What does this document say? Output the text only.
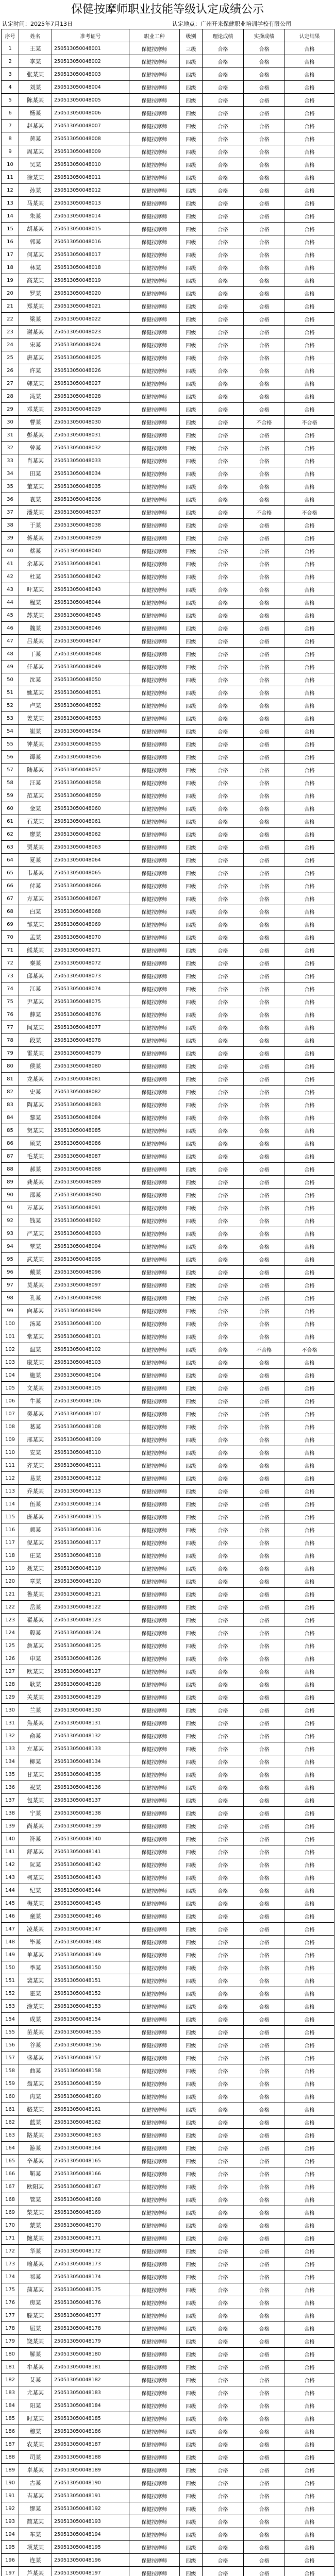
保健按摩师职业技能等级认定成绩公示
认定时间：2025年7月13日	认定地点：广州开来保健职业培训学校有限公司
序号	姓名	准考证号	职业工种	级别	理论成绩	实操成绩	认定结果
1	王某	250513050048001	保健按摩师	三级	合格	合格	合格
2	李某	250513050048002	保健按摩师	四级	合格	合格	合格
3	张某某	250513050048003	保健按摩师	四级	合格	合格	合格
4	刘某	250513050048004	保健按摩师	四级	合格	合格	合格
5	陈某某	250513050048005	保健按摩师	四级	合格	合格	合格
6	杨某	250513050048006	保健按摩师	四级	合格	合格	合格
7	赵某某	250513050048007	保健按摩师	四级	合格	合格	合格
8	黄某	250513050048008	保健按摩师	四级	合格	合格	合格
9	周某某	250513050048009	保健按摩师	四级	合格	合格	合格
10	吴某	250513050048010	保健按摩师	四级	合格	合格	合格
11	徐某某	250513050048011	保健按摩师	四级	合格	合格	合格
12	孙某	250513050048012	保健按摩师	四级	合格	合格	合格
13	马某某	250513050048013	保健按摩师	四级	合格	合格	合格
14	朱某	250513050048014	保健按摩师	四级	合格	合格	合格
15	胡某某	250513050048015	保健按摩师	四级	合格	合格	合格
16	郭某	250513050048016	保健按摩师	四级	合格	合格	合格
17	何某某	250513050048017	保健按摩师	四级	合格	合格	合格
18	林某	250513050048018	保健按摩师	四级	合格	合格	合格
19	高某某	250513050048019	保健按摩师	四级	合格	合格	合格
20	罗某	250513050048020	保健按摩师	四级	合格	合格	合格
21	郑某某	250513050048021	保健按摩师	四级	合格	合格	合格
22	梁某	250513050048022	保健按摩师	四级	合格	合格	合格
23	谢某某	250513050048023	保健按摩师	四级	合格	合格	合格
24	宋某	250513050048024	保健按摩师	四级	合格	合格	合格
25	唐某某	250513050048025	保健按摩师	四级	合格	合格	合格
26	许某	250513050048026	保健按摩师	四级	合格	合格	合格
27	韩某某	250513050048027	保健按摩师	四级	合格	合格	合格
28	冯某	250513050048028	保健按摩师	四级	合格	合格	合格
29	邓某某	250513050048029	保健按摩师	四级	合格	合格	合格
30	曹某	250513050048030	保健按摩师	四级	合格	不合格	不合格
31	彭某某	250513050048031	保健按摩师	四级	合格	合格	合格
32	曾某	250513050048032	保健按摩师	四级	合格	合格	合格
33	肖某某	250513050048033	保健按摩师	四级	合格	合格	合格
34	田某	250513050048034	保健按摩师	四级	合格	合格	合格
35	董某某	250513050048035	保健按摩师	四级	合格	合格	合格
36	袁某	250513050048036	保健按摩师	四级	合格	合格	合格
37	潘某某	250513050048037	保健按摩师	四级	合格	不合格	不合格
38	于某	250513050048038	保健按摩师	四级	合格	合格	合格
39	蒋某某	250513050048039	保健按摩师	四级	合格	合格	合格
40	蔡某	250513050048040	保健按摩师	四级	合格	合格	合格
41	余某某	250513050048041	保健按摩师	四级	合格	合格	合格
42	杜某	250513050048042	保健按摩师	四级	合格	合格	合格
43	叶某某	250513050048043	保健按摩师	四级	合格	合格	合格
44	程某	250513050048044	保健按摩师	四级	合格	合格	合格
45	苏某某	250513050048045	保健按摩师	四级	合格	合格	合格
46	魏某	250513050048046	保健按摩师	四级	合格	合格	合格
47	吕某某	250513050048047	保健按摩师	四级	合格	合格	合格
48	丁某	250513050048048	保健按摩师	四级	合格	合格	合格
49	任某某	250513050048049	保健按摩师	四级	合格	合格	合格
50	沈某	250513050048050	保健按摩师	四级	合格	合格	合格
51	姚某某	250513050048051	保健按摩师	四级	合格	合格	合格
52	卢某	250513050048052	保健按摩师	四级	合格	合格	合格
53	姜某某	250513050048053	保健按摩师	四级	合格	合格	合格
54	崔某	250513050048054	保健按摩师	四级	合格	合格	合格
55	钟某某	250513050048055	保健按摩师	四级	合格	合格	合格
56	谭某	250513050048056	保健按摩师	四级	合格	合格	合格
57	陆某某	250513050048057	保健按摩师	四级	合格	合格	合格
58	汪某	250513050048058	保健按摩师	四级	合格	合格	合格
59	范某某	250513050048059	保健按摩师	四级	合格	合格	合格
60	金某	250513050048060	保健按摩师	四级	合格	合格	合格
61	石某某	250513050048061	保健按摩师	四级	合格	合格	合格
62	廖某	250513050048062	保健按摩师	四级	合格	合格	合格
63	贾某某	250513050048063	保健按摩师	四级	合格	合格	合格
64	夏某	250513050048064	保健按摩师	四级	合格	合格	合格
65	韦某某	250513050048065	保健按摩师	四级	合格	合格	合格
66	付某	250513050048066	保健按摩师	四级	合格	合格	合格
67	方某某	250513050048067	保健按摩师	四级	合格	合格	合格
68	白某	250513050048068	保健按摩师	四级	合格	合格	合格
69	邹某某	250513050048069	保健按摩师	四级	合格	合格	合格
70	孟某	250513050048070	保健按摩师	四级	合格	合格	合格
71	熊某某	250513050048071	保健按摩师	四级	合格	合格	合格
72	秦某	250513050048072	保健按摩师	四级	合格	合格	合格
73	邱某某	250513050048073	保健按摩师	四级	合格	合格	合格
74	江某	250513050048074	保健按摩师	四级	合格	合格	合格
75	尹某某	250513050048075	保健按摩师	四级	合格	合格	合格
76	薛某	250513050048076	保健按摩师	四级	合格	合格	合格
77	闫某某	250513050048077	保健按摩师	四级	合格	合格	合格
78	段某	250513050048078	保健按摩师	四级	合格	合格	合格
79	雷某某	250513050048079	保健按摩师	四级	合格	合格	合格
80	侯某	250513050048080	保健按摩师	四级	合格	合格	合格
81	龙某某	250513050048081	保健按摩师	四级	合格	合格	合格
82	史某	250513050048082	保健按摩师	四级	合格	合格	合格
83	陶某某	250513050048083	保健按摩师	四级	合格	合格	合格
84	黎某	250513050048084	保健按摩师	四级	合格	合格	合格
85	贺某某	250513050048085	保健按摩师	四级	合格	合格	合格
86	顾某	250513050048086	保健按摩师	四级	合格	合格	合格
87	毛某某	250513050048087	保健按摩师	四级	合格	合格	合格
88	郝某	250513050048088	保健按摩师	四级	合格	合格	合格
89	龚某某	250513050048089	保健按摩师	四级	合格	合格	合格
90	邵某	250513050048090	保健按摩师	四级	合格	合格	合格
91	万某某	250513050048091	保健按摩师	四级	合格	合格	合格
92	钱某	250513050048092	保健按摩师	四级	合格	合格	合格
93	严某某	250513050048093	保健按摩师	四级	合格	合格	合格
94	覃某	250513050048094	保健按摩师	四级	合格	合格	合格
95	武某某	250513050048095	保健按摩师	四级	合格	合格	合格
96	戴某	250513050048096	保健按摩师	四级	合格	合格	合格
97	莫某某	250513050048097	保健按摩师	四级	合格	合格	合格
98	孔某	250513050048098	保健按摩师	四级	合格	合格	合格
99	向某某	250513050048099	保健按摩师	四级	合格	合格	合格
100	汤某	250513050048100	保健按摩师	四级	合格	合格	合格
101	常某某	250513050048101	保健按摩师	四级	合格	合格	合格
102	温某	250513050048102	保健按摩师	四级	合格	不合格	不合格
103	康某某	250513050048103	保健按摩师	四级	合格	合格	合格
104	施某	250513050048104	保健按摩师	四级	合格	合格	合格
105	文某某	250513050048105	保健按摩师	四级	合格	合格	合格
106	牛某	250513050048106	保健按摩师	四级	合格	合格	合格
107	樊某某	250513050048107	保健按摩师	四级	合格	合格	合格
108	葛某	250513050048108	保健按摩师	四级	合格	合格	合格
109	邢某某	250513050048109	保健按摩师	四级	合格	合格	合格
110	安某	250513050048110	保健按摩师	四级	合格	合格	合格
111	齐某某	250513050048111	保健按摩师	四级	合格	合格	合格
112	易某	250513050048112	保健按摩师	四级	合格	合格	合格
113	乔某某	250513050048113	保健按摩师	四级	合格	合格	合格
114	伍某	250513050048114	保健按摩师	四级	合格	合格	合格
115	庞某某	250513050048115	保健按摩师	四级	合格	合格	合格
116	颜某	250513050048116	保健按摩师	四级	合格	合格	合格
117	倪某某	250513050048117	保健按摩师	四级	合格	合格	合格
118	庄某	250513050048118	保健按摩师	四级	合格	合格	合格
119	聂某某	250513050048119	保健按摩师	四级	合格	合格	合格
120	章某	250513050048120	保健按摩师	四级	合格	合格	合格
121	鲁某某	250513050048121	保健按摩师	四级	合格	合格	合格
122	岳某	250513050048122	保健按摩师	四级	合格	合格	合格
123	翟某某	250513050048123	保健按摩师	四级	合格	合格	合格
124	殷某	250513050048124	保健按摩师	四级	合格	合格	合格
125	詹某某	250513050048125	保健按摩师	四级	合格	合格	合格
126	申某	250513050048126	保健按摩师	四级	合格	合格	合格
127	欧某某	250513050048127	保健按摩师	四级	合格	合格	合格
128	耿某	250513050048128	保健按摩师	四级	合格	合格	合格
129	关某某	250513050048129	保健按摩师	四级	合格	合格	合格
130	兰某	250513050048130	保健按摩师	四级	合格	合格	合格
131	焦某某	250513050048131	保健按摩师	四级	合格	合格	合格
132	俞某	250513050048132	保健按摩师	四级	合格	合格	合格
133	左某某	250513050048133	保健按摩师	四级	合格	合格	合格
134	柳某	250513050048134	保健按摩师	四级	合格	合格	合格
135	甘某某	250513050048135	保健按摩师	四级	合格	合格	合格
136	祝某	250513050048136	保健按摩师	四级	合格	合格	合格
137	包某某	250513050048137	保健按摩师	四级	合格	合格	合格
138	宁某	250513050048138	保健按摩师	四级	合格	合格	合格
139	尚某某	250513050048139	保健按摩师	四级	合格	合格	合格
140	符某	250513050048140	保健按摩师	四级	合格	合格	合格
141	舒某某	250513050048141	保健按摩师	四级	合格	合格	合格
142	阮某	250513050048142	保健按摩师	四级	合格	合格	合格
143	柯某某	250513050048143	保健按摩师	四级	合格	合格	合格
144	纪某	250513050048144	保健按摩师	四级	合格	合格	合格
145	梅某某	250513050048145	保健按摩师	四级	合格	合格	合格
146	童某	250513050048146	保健按摩师	四级	合格	合格	合格
147	凌某某	250513050048147	保健按摩师	四级	合格	合格	合格
148	毕某	250513050048148	保健按摩师	四级	合格	合格	合格
149	单某某	250513050048149	保健按摩师	四级	合格	合格	合格
150	季某	250513050048150	保健按摩师	四级	合格	合格	合格
151	裴某某	250513050048151	保健按摩师	四级	合格	合格	合格
152	霍某	250513050048152	保健按摩师	四级	合格	合格	合格
153	涂某某	250513050048153	保健按摩师	四级	合格	合格	合格
154	成某	250513050048154	保健按摩师	四级	合格	合格	合格
155	苗某某	250513050048155	保健按摩师	四级	合格	合格	合格
156	谷某	250513050048156	保健按摩师	四级	合格	合格	合格
157	盛某某	250513050048157	保健按摩师	四级	合格	合格	合格
158	曲某	250513050048158	保健按摩师	四级	合格	合格	合格
159	翁某某	250513050048159	保健按摩师	四级	合格	合格	合格
160	冉某	250513050048160	保健按摩师	四级	合格	合格	合格
161	骆某某	250513050048161	保健按摩师	四级	合格	合格	合格
162	蓝某	250513050048162	保健按摩师	四级	合格	合格	合格
163	路某某	250513050048163	保健按摩师	四级	合格	合格	合格
164	游某	250513050048164	保健按摩师	四级	合格	合格	合格
165	辛某某	250513050048165	保健按摩师	四级	合格	合格	合格
166	靳某	250513050048166	保健按摩师	四级	合格	合格	合格
167	欧阳某	250513050048167	保健按摩师	四级	合格	合格	合格
168	管某	250513050048168	保健按摩师	四级	合格	合格	合格
169	柴某某	250513050048169	保健按摩师	四级	合格	合格	合格
170	蒙某	250513050048170	保健按摩师	四级	合格	合格	合格
171	鲍某某	250513050048171	保健按摩师	四级	合格	合格	合格
172	华某	250513050048172	保健按摩师	四级	合格	合格	合格
173	喻某某	250513050048173	保健按摩师	四级	合格	合格	合格
174	祁某	250513050048174	保健按摩师	四级	合格	合格	合格
175	蒲某某	250513050048175	保健按摩师	四级	合格	合格	合格
176	房某	250513050048176	保健按摩师	四级	合格	合格	合格
177	滕某某	250513050048177	保健按摩师	四级	合格	合格	合格
178	屈某	250513050048178	保健按摩师	四级	合格	合格	合格
179	饶某某	250513050048179	保健按摩师	四级	合格	合格	合格
180	解某	250513050048180	保健按摩师	四级	合格	合格	合格
181	牟某某	250513050048181	保健按摩师	四级	合格	合格	合格
182	艾某	250513050048182	保健按摩师	四级	合格	合格	合格
183	尤某某	250513050048183	保健按摩师	四级	合格	合格	合格
184	阳某	250513050048184	保健按摩师	四级	合格	合格	合格
185	时某某	250513050048185	保健按摩师	四级	合格	合格	合格
186	穆某	250513050048186	保健按摩师	四级	合格	合格	合格
187	农某某	250513050048187	保健按摩师	四级	合格	合格	合格
188	司某	250513050048188	保健按摩师	四级	合格	合格	合格
189	卓某某	250513050048189	保健按摩师	四级	合格	合格	合格
190	古某	250513050048190	保健按摩师	四级	合格	合格	合格
191	吉某某	250513050048191	保健按摩师	四级	合格	合格	合格
192	缪某	250513050048192	保健按摩师	四级	合格	合格	合格
193	简某某	250513050048193	保健按摩师	四级	合格	合格	合格
194	车某	250513050048194	保健按摩师	四级	合格	合格	合格
195	项某某	250513050048195	保健按摩师	四级	合格	合格	合格
196	连某	250513050048196	保健按摩师	四级	合格	合格	合格
197	芦某某	250513050048197	保健按摩师	四级	合格	合格	合格
